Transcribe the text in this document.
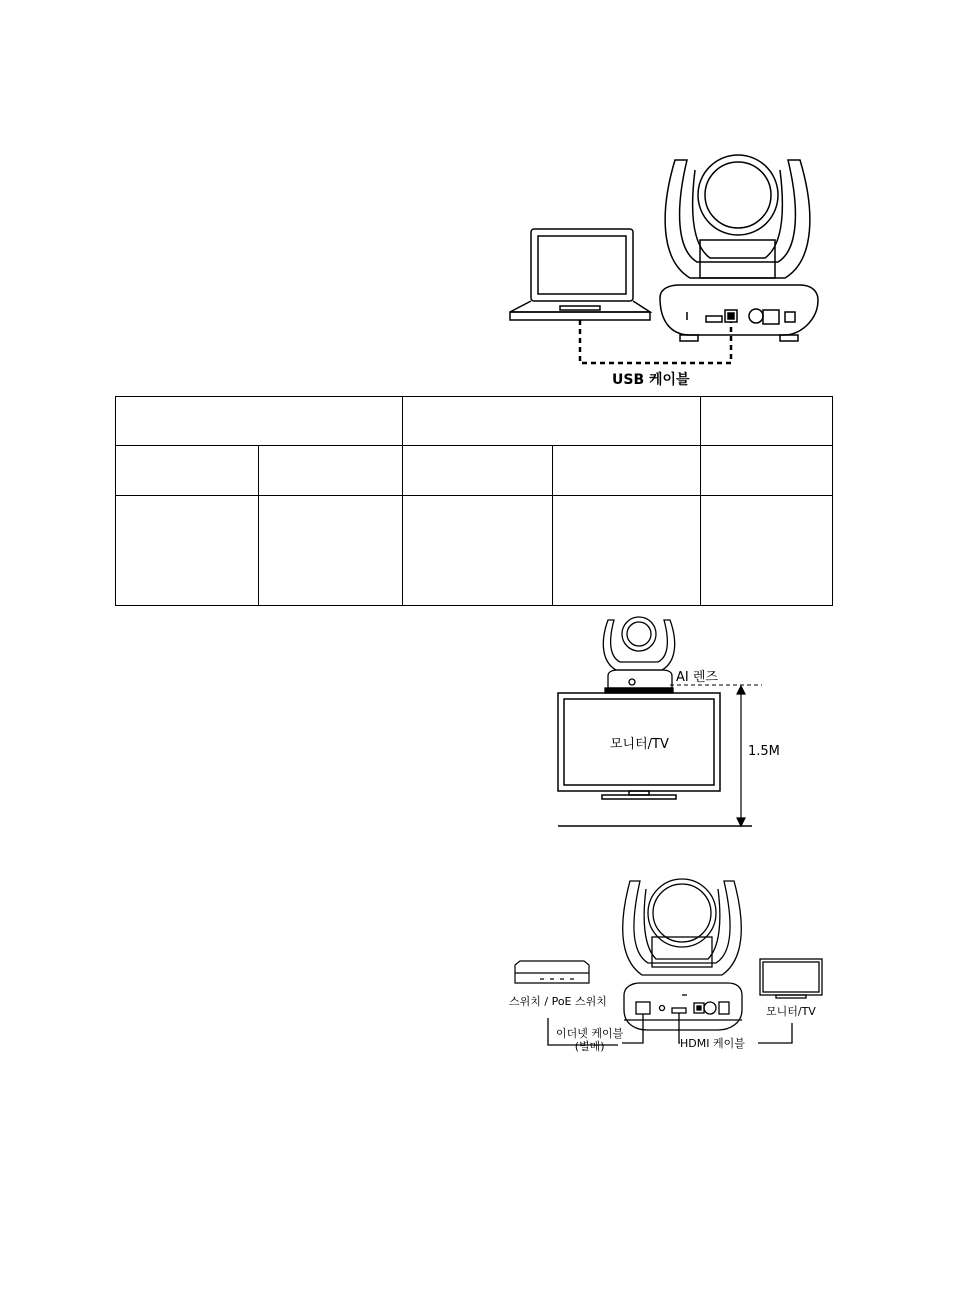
USB 케이블

AI 렌즈
모니터/TV	1.5M
스위치 / PoE 스위치
이더넷 케이블
(별매)	HDMI 케이블
모니터/TV
